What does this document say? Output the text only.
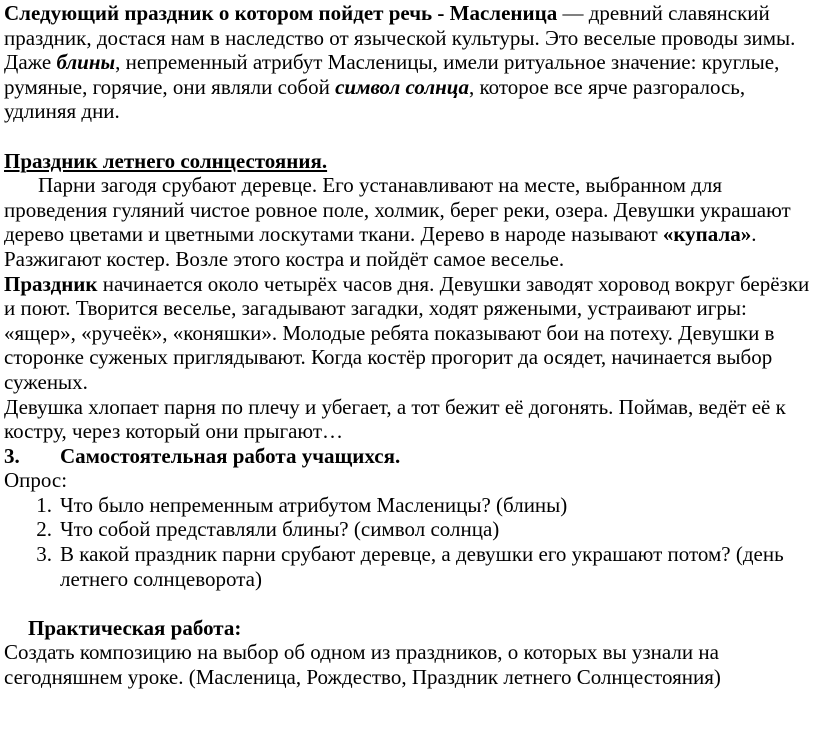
Следующий праздник о котором пойдет речь - Масленица — древний славянский праздник, достася нам в наследство от языческой культуры. Это веселые проводы зимы. Даже блины, непременный атрибут Масленицы, имели ритуальное значение: круглые, румяные, горячие, они являли собой символ солнца, которое все ярче разгоралось, удлиняя дни.

Праздник летнего солнцестояния.

Парни загодя срубают деревце. Его устанавливают на месте, выбранном для проведения гуляний чистое ровное поле, холмик, берег реки, озера. Девушки украшают дерево цветами и цветными лоскутами ткани. Дерево в народе называют «купала». Разжигают костер. Возле этого костра и пойдёт самое веселье.

Праздник начинается около четырёх часов дня. Девушки заводят хоровод вокруг берёзки и поют. Творится веселье, загадывают загадки, ходят ряжеными, устраивают игры: «ящер», «ручеёк», «коняшки». Молодые ребята показывают бои на потеху. Девушки в сторонке суженых приглядывают. Когда костёр прогорит да осядет, начинается выбор суженых.

Девушка хлопает парня по плечу и убегает, а тот бежит её догонять. Поймав, ведёт её к костру, через который они прыгают…

3.	Самостоятельная работа учащихся.

Опрос:

1. Что было непременным атрибутом Масленицы? (блины)
2. Что собой представляли блины? (символ солнца)
3. В какой праздник парни срубают деревце, а девушки его украшают потом? (день летнего солнцеворота)

Практическая работа:

Создать композицию на выбор об одном из праздников, о которых вы узнали на сегодняшнем уроке. (Масленица, Рождество, Праздник летнего Солнцестояния)
